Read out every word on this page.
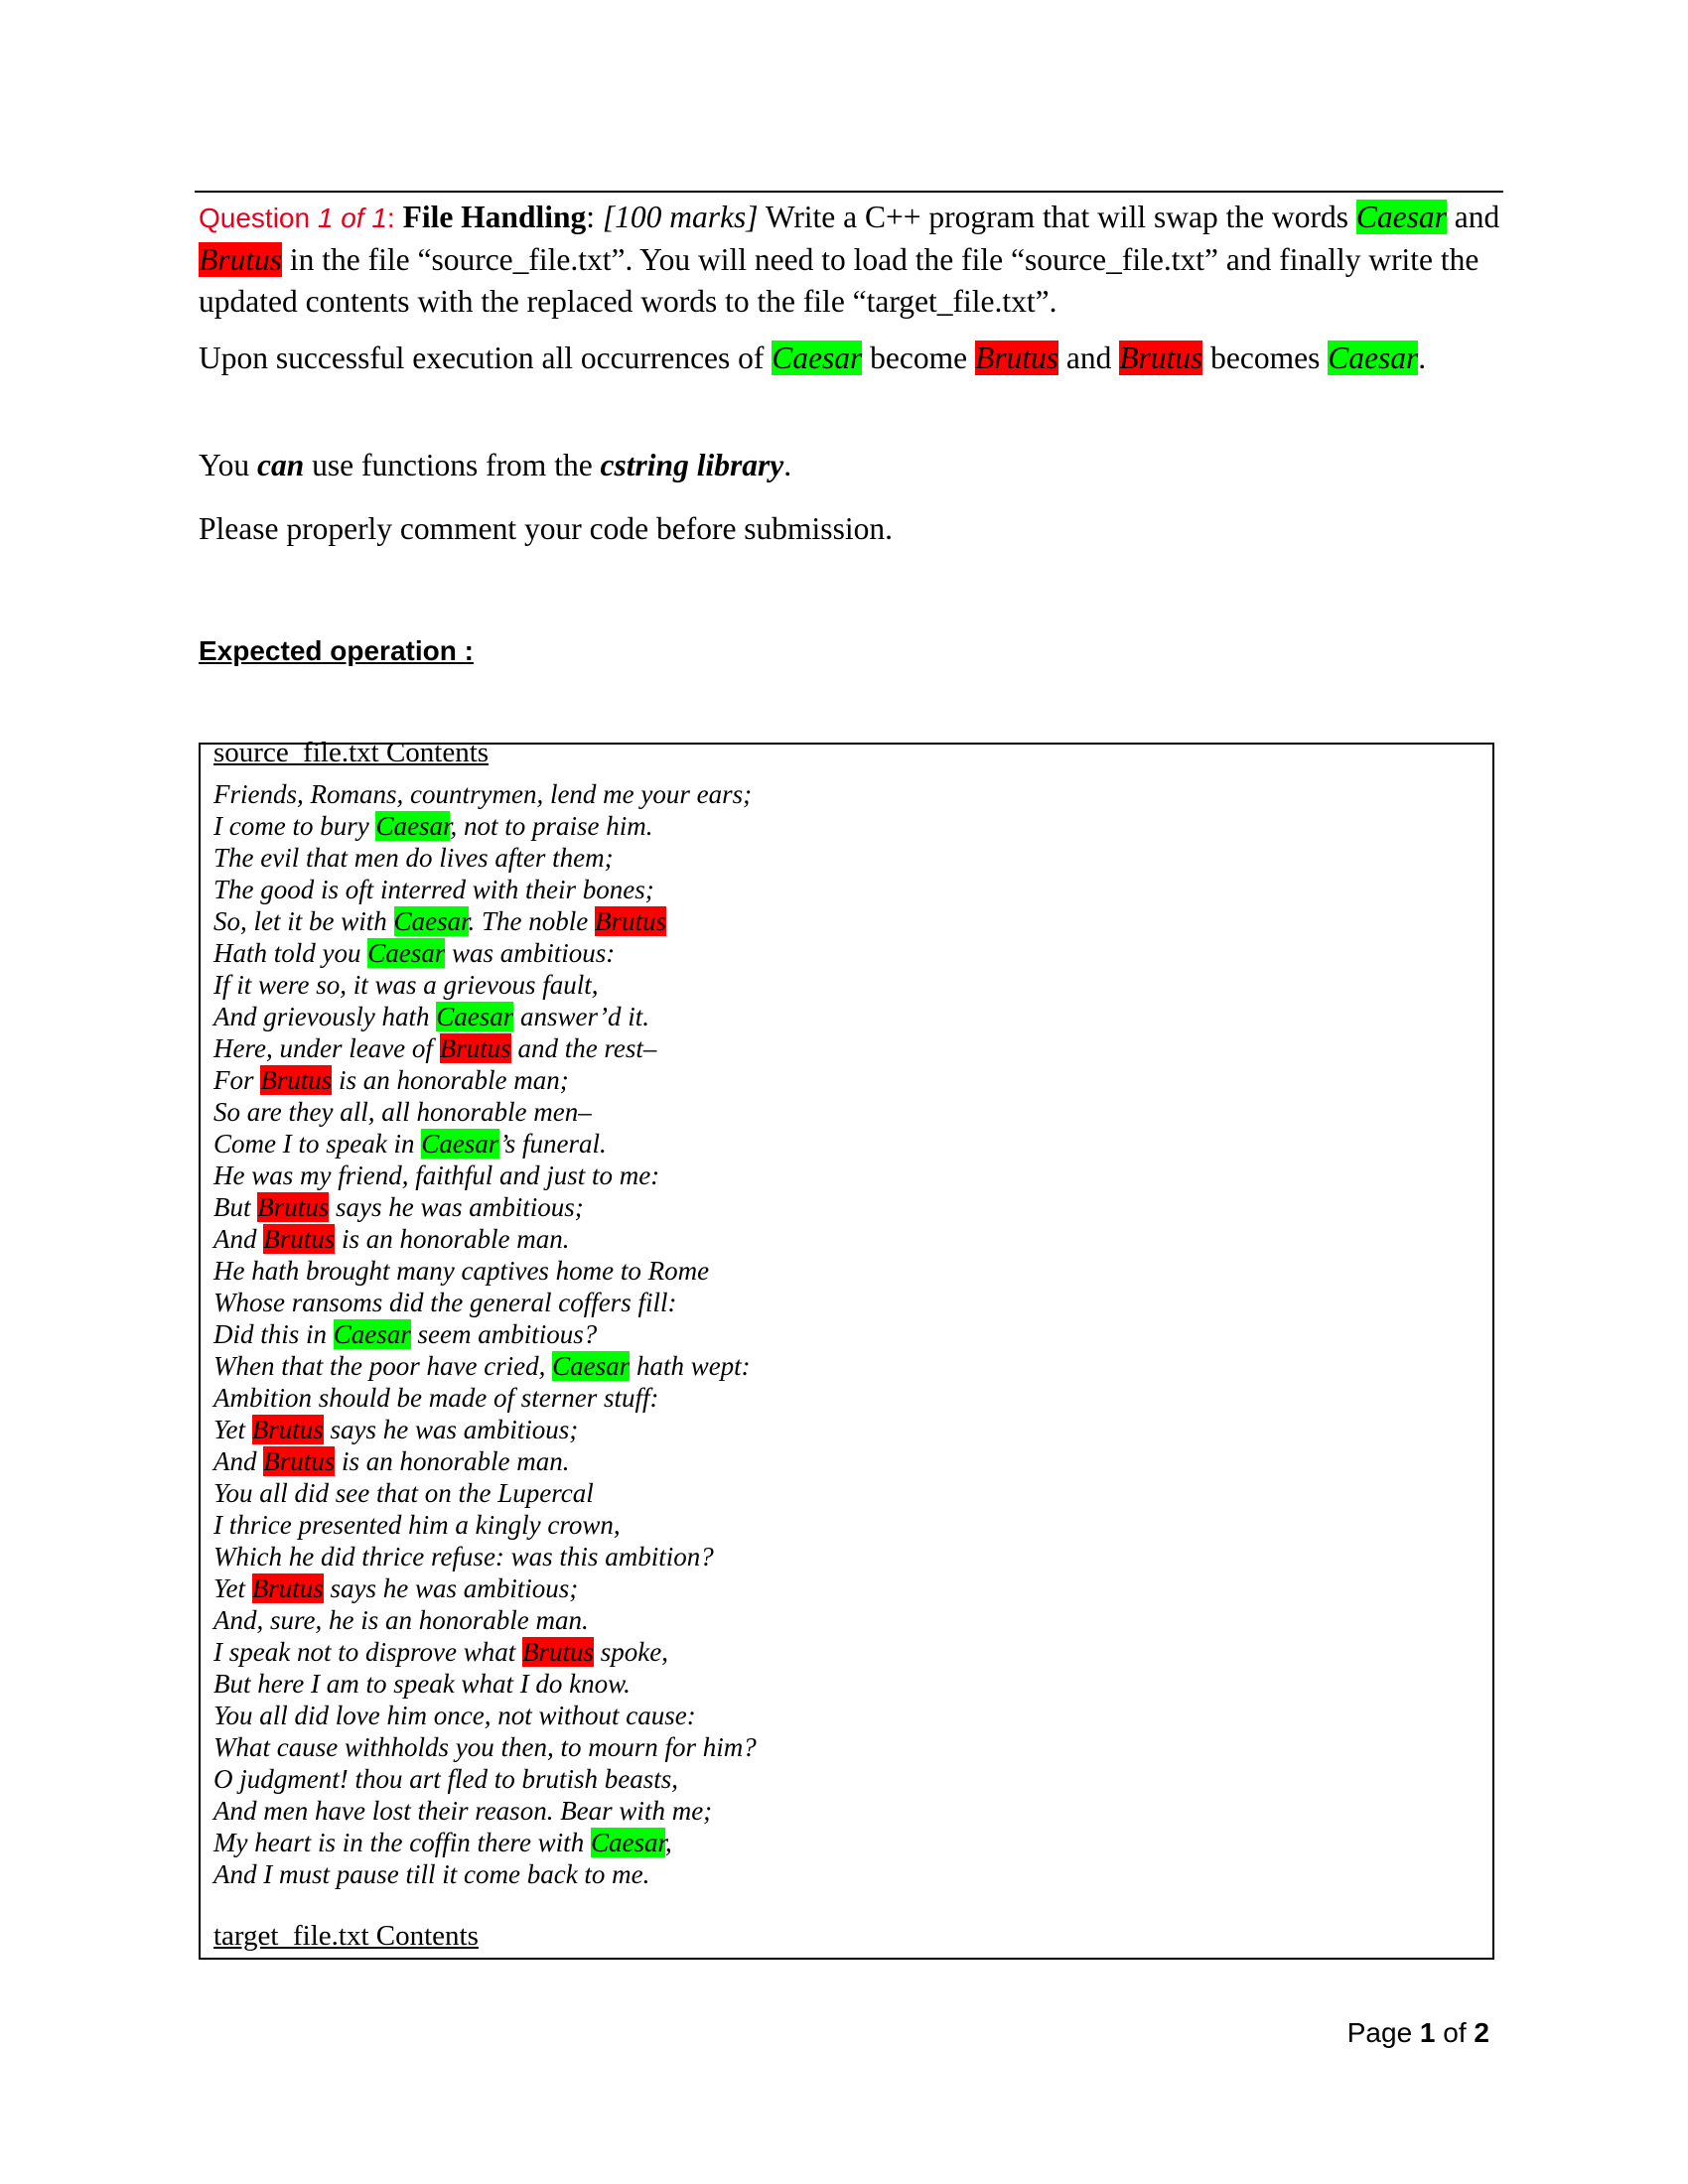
Question 1 of 1: File Handling: [100 marks] Write a C++ program that will swap the words Caesar and Brutus in the file “source_file.txt”. You will need to load the file “source_file.txt” and finally write the updated contents with the replaced words to the file “target_file.txt”.
Upon successful execution all occurrences of Caesar become Brutus and Brutus becomes Caesar.
You can use functions from the cstring library.
Please properly comment your code before submission.
Expected operation :
source_file.txt Contents
Friends, Romans, countrymen, lend me your ears;
I come to bury Caesar, not to praise him.
The evil that men do lives after them;
The good is oft interred with their bones;
So, let it be with Caesar. The noble Brutus
Hath told you Caesar was ambitious:
If it were so, it was a grievous fault,
And grievously hath Caesar answer’d it.
Here, under leave of Brutus and the rest–
For Brutus is an honorable man;
So are they all, all honorable men–
Come I to speak in Caesar’s funeral.
He was my friend, faithful and just to me:
But Brutus says he was ambitious;
And Brutus is an honorable man.
He hath brought many captives home to Rome
Whose ransoms did the general coffers fill:
Did this in Caesar seem ambitious?
When that the poor have cried, Caesar hath wept:
Ambition should be made of sterner stuff:
Yet Brutus says he was ambitious;
And Brutus is an honorable man.
You all did see that on the Lupercal
I thrice presented him a kingly crown,
Which he did thrice refuse: was this ambition?
Yet Brutus says he was ambitious;
And, sure, he is an honorable man.
I speak not to disprove what Brutus spoke,
But here I am to speak what I do know.
You all did love him once, not without cause:
What cause withholds you then, to mourn for him?
O judgment! thou art fled to brutish beasts,
And men have lost their reason. Bear with me;
My heart is in the coffin there with Caesar,
And I must pause till it come back to me.
target_file.txt Contents
Page 1 of 2
